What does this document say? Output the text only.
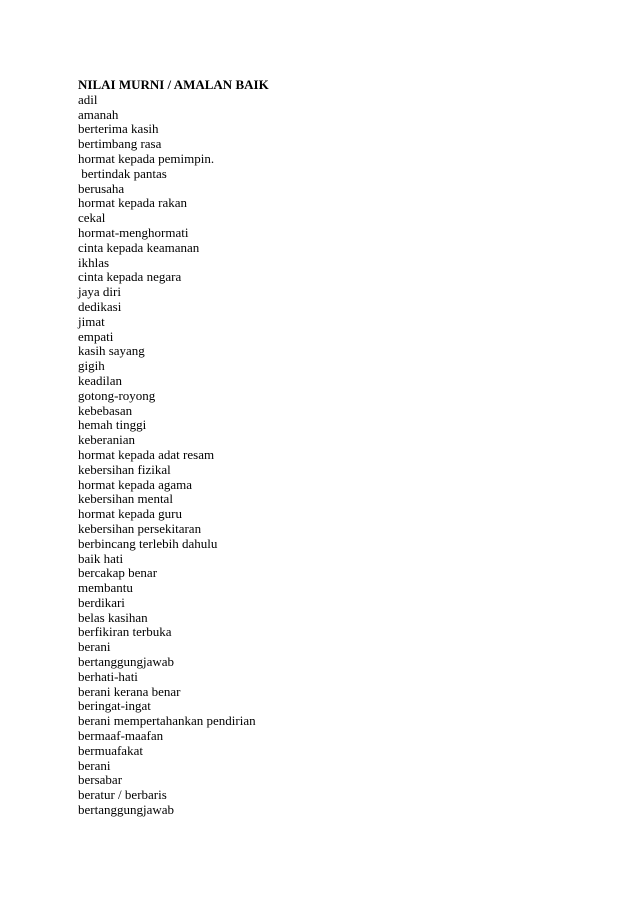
NILAI MURNI / AMALAN BAIK
adil
amanah
berterima kasih
bertimbang rasa
hormat kepada pemimpin.
bertindak pantas
berusaha
hormat kepada rakan
cekal
hormat-menghormati
cinta kepada keamanan
ikhlas
cinta kepada negara
jaya diri
dedikasi
jimat
empati
kasih sayang
gigih
keadilan
gotong-royong
kebebasan
hemah tinggi
keberanian
hormat kepada adat resam
kebersihan fizikal
hormat kepada agama
kebersihan mental
hormat kepada guru
kebersihan persekitaran
berbincang terlebih dahulu
baik hati
bercakap benar
membantu
berdikari
belas kasihan
berfikiran terbuka
berani
bertanggungjawab
berhati-hati
berani kerana benar
beringat-ingat
berani mempertahankan pendirian
bermaaf-maafan
bermuafakat
berani
bersabar
beratur / berbaris
bertanggungjawab
